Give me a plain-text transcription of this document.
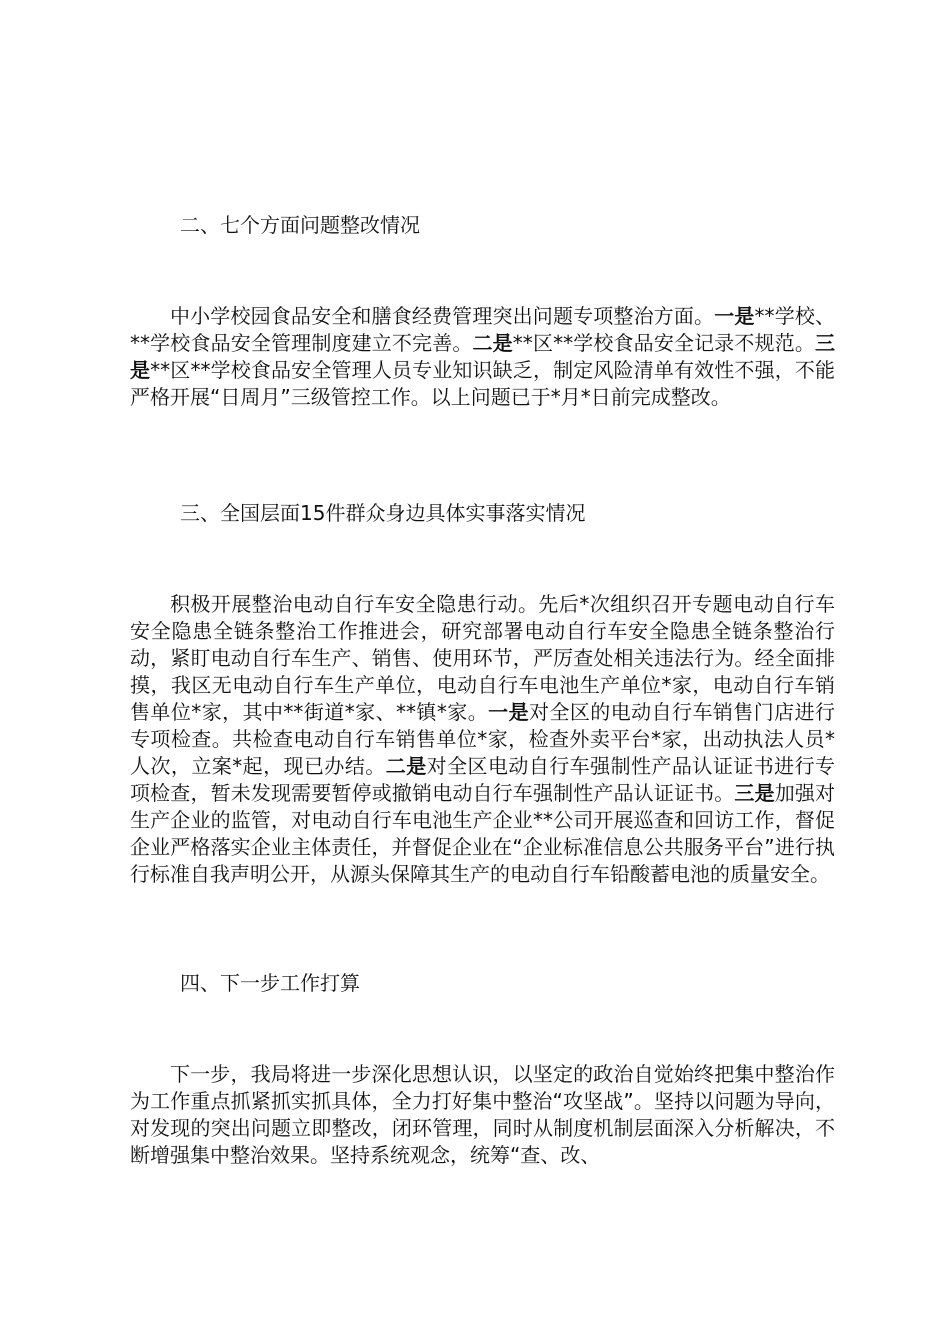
二、七个方面问题整改情况

中小学校园食品安全和膳食经费管理突出问题专项整治方面。一是**学校、**学校食品安全管理制度建立不完善。二是**区**学校食品安全记录不规范。三是**区**学校食品安全管理人员专业知识缺乏，制定风险清单有效性不强，不能严格开展“日周月”三级管控工作。以上问题已于*月*日前完成整改。

三、全国层面15件群众身边具体实事落实情况

积极开展整治电动自行车安全隐患行动。先后*次组织召开专题电动自行车安全隐患全链条整治工作推进会，研究部署电动自行车安全隐患全链条整治行动，紧盯电动自行车生产、销售、使用环节，严厉查处相关违法行为。经全面排摸，我区无电动自行车生产单位，电动自行车电池生产单位*家，电动自行车销售单位*家，其中**街道*家、**镇*家。一是对全区的电动自行车销售门店进行专项检查。共检查电动自行车销售单位*家，检查外卖平台*家，出动执法人员*人次，立案*起，现已办结。二是对全区电动自行车强制性产品认证证书进行专项检查，暂未发现需要暂停或撤销电动自行车强制性产品认证证书。三是加强对生产企业的监管，对电动自行车电池生产企业**公司开展巡查和回访工作，督促企业严格落实企业主体责任，并督促企业在“企业标准信息公共服务平台”进行执行标准自我声明公开，从源头保障其生产的电动自行车铅酸蓄电池的质量安全。

四、下一步工作打算

下一步，我局将进一步深化思想认识，以坚定的政治自觉始终把集中整治作为工作重点抓紧抓实抓具体，全力打好集中整治“攻坚战”。坚持以问题为导向，对发现的突出问题立即整改，闭环管理，同时从制度机制层面深入分析解决，不断增强集中整治效果。坚持系统观念，统筹“查、改、
